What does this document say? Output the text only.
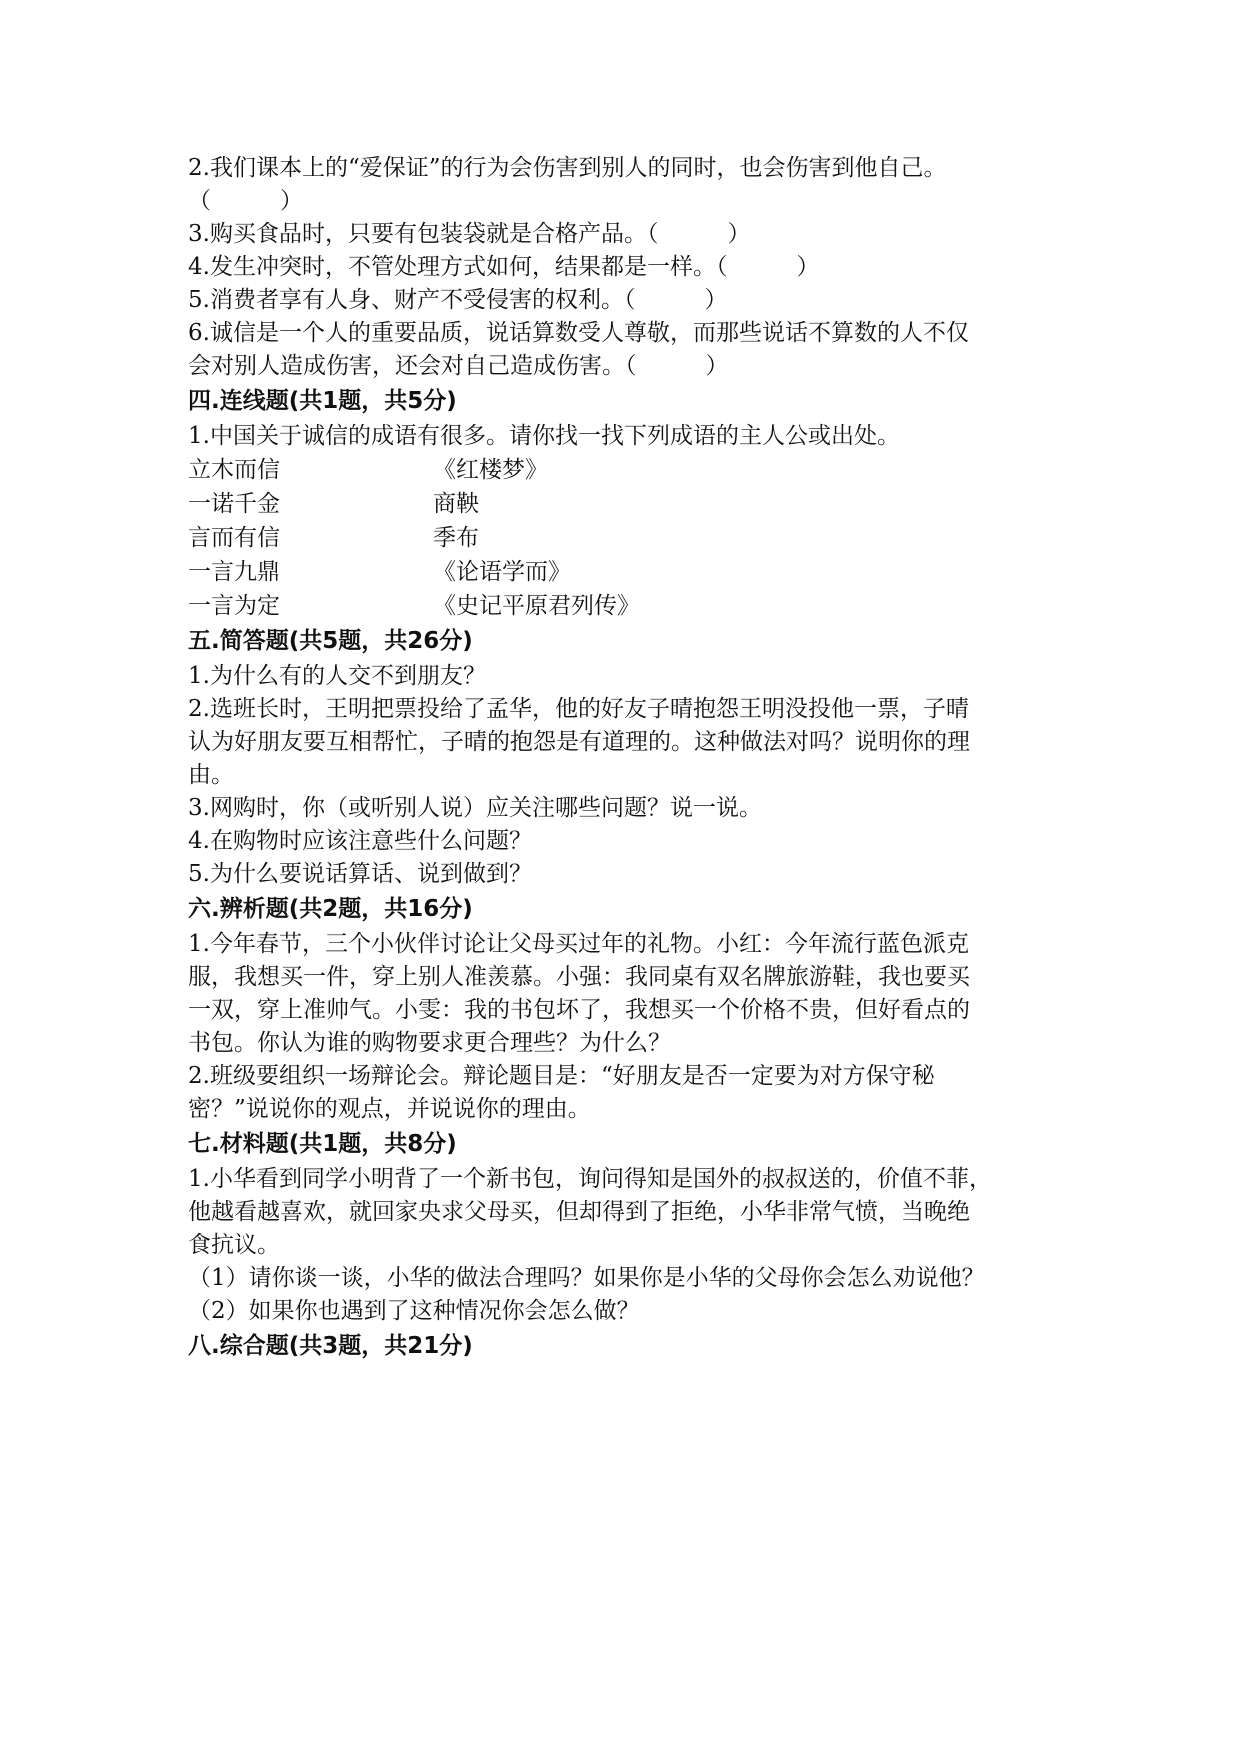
2.我们课本上的“爱保证”的行为会伤害到别人的同时，也会伤害到他自己。
（　　　）
3.购买食品时，只要有包装袋就是合格产品。（　　　）
4.发生冲突时，不管处理方式如何，结果都是一样。（　　　）
5.消费者享有人身、财产不受侵害的权利。（　　　）
6.诚信是一个人的重要品质，说话算数受人尊敬，而那些说话不算数的人不仅
会对别人造成伤害，还会对自己造成伤害。（　　　）
四.连线题(共1题，共5分)
1.中国关于诚信的成语有很多。请你找一找下列成语的主人公或出处。
立木而信	《红楼梦》
一诺千金	商鞅
言而有信	季布
一言九鼎	《论语学而》
一言为定	《史记平原君列传》
五.简答题(共5题，共26分)
1.为什么有的人交不到朋友？
2.选班长时，王明把票投给了孟华，他的好友子晴抱怨王明没投他一票，子晴
认为好朋友要互相帮忙，子晴的抱怨是有道理的。这种做法对吗？说明你的理
由。
3.网购时，你（或听别人说）应关注哪些问题？说一说。
4.在购物时应该注意些什么问题？
5.为什么要说话算话、说到做到？
六.辨析题(共2题，共16分)
1.今年春节，三个小伙伴讨论让父母买过年的礼物。小红：今年流行蓝色派克
服，我想买一件，穿上别人准羡慕。小强：我同桌有双名牌旅游鞋，我也要买
一双，穿上准帅气。小雯：我的书包坏了，我想买一个价格不贵，但好看点的
书包。你认为谁的购物要求更合理些？为什么？
2.班级要组织一场辩论会。辩论题目是：“好朋友是否一定要为对方保守秘
密？”说说你的观点，并说说你的理由。
七.材料题(共1题，共8分)
1.小华看到同学小明背了一个新书包，询问得知是国外的叔叔送的，价值不菲，
他越看越喜欢，就回家央求父母买，但却得到了拒绝，小华非常气愤，当晚绝
食抗议。
（1）请你谈一谈，小华的做法合理吗？如果你是小华的父母你会怎么劝说他？
（2）如果你也遇到了这种情况你会怎么做？
八.综合题(共3题，共21分)
